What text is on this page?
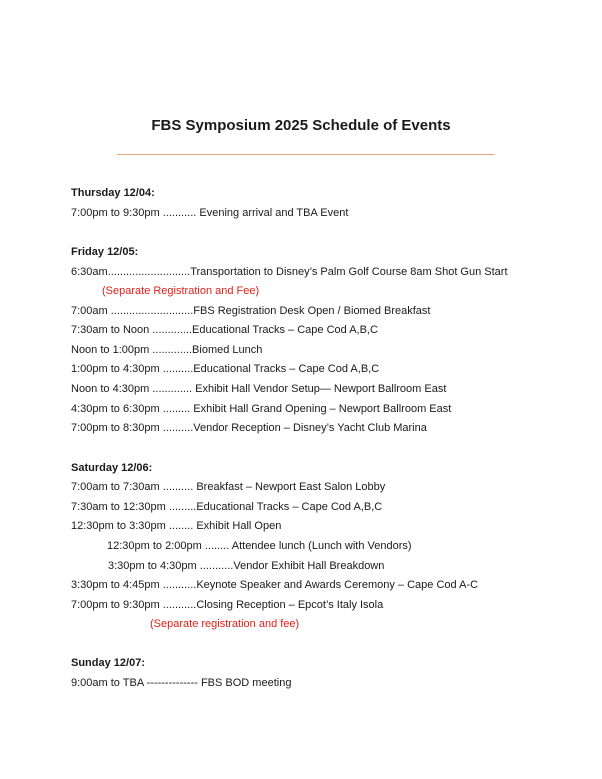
FBS Symposium 2025 Schedule of Events
Thursday 12/04:
7:00pm to 9:30pm ........... Evening arrival and TBA Event
Friday 12/05:
6:30am...........................Transportation to Disney’s Palm Golf Course 8am Shot Gun Start
(Separate Registration and Fee)
7:00am ...........................FBS Registration Desk Open / Biomed Breakfast
7:30am to Noon .............Educational Tracks – Cape Cod A,B,C
Noon to 1:00pm .............Biomed Lunch
1:00pm to 4:30pm ..........Educational Tracks – Cape Cod A,B,C
Noon to 4:30pm ............. Exhibit Hall Vendor Setup— Newport Ballroom East
4:30pm to 6:30pm ......... Exhibit Hall Grand Opening – Newport Ballroom East
7:00pm to 8:30pm ..........Vendor Reception – Disney’s Yacht Club Marina
Saturday 12/06:
7:00am to 7:30am .......... Breakfast – Newport East Salon Lobby
7:30am to 12:30pm .........Educational Tracks – Cape Cod A,B,C
12:30pm to 3:30pm ........ Exhibit Hall Open
12:30pm to 2:00pm ........ Attendee lunch (Lunch with Vendors)
3:30pm to 4:30pm ...........Vendor Exhibit Hall Breakdown
3:30pm to 4:45pm ...........Keynote Speaker and Awards Ceremony – Cape Cod A-C
7:00pm to 9:30pm ...........Closing Reception – Epcot’s Italy Isola
(Separate registration and fee)
Sunday 12/07:
9:00am to TBA -------------- FBS BOD meeting
